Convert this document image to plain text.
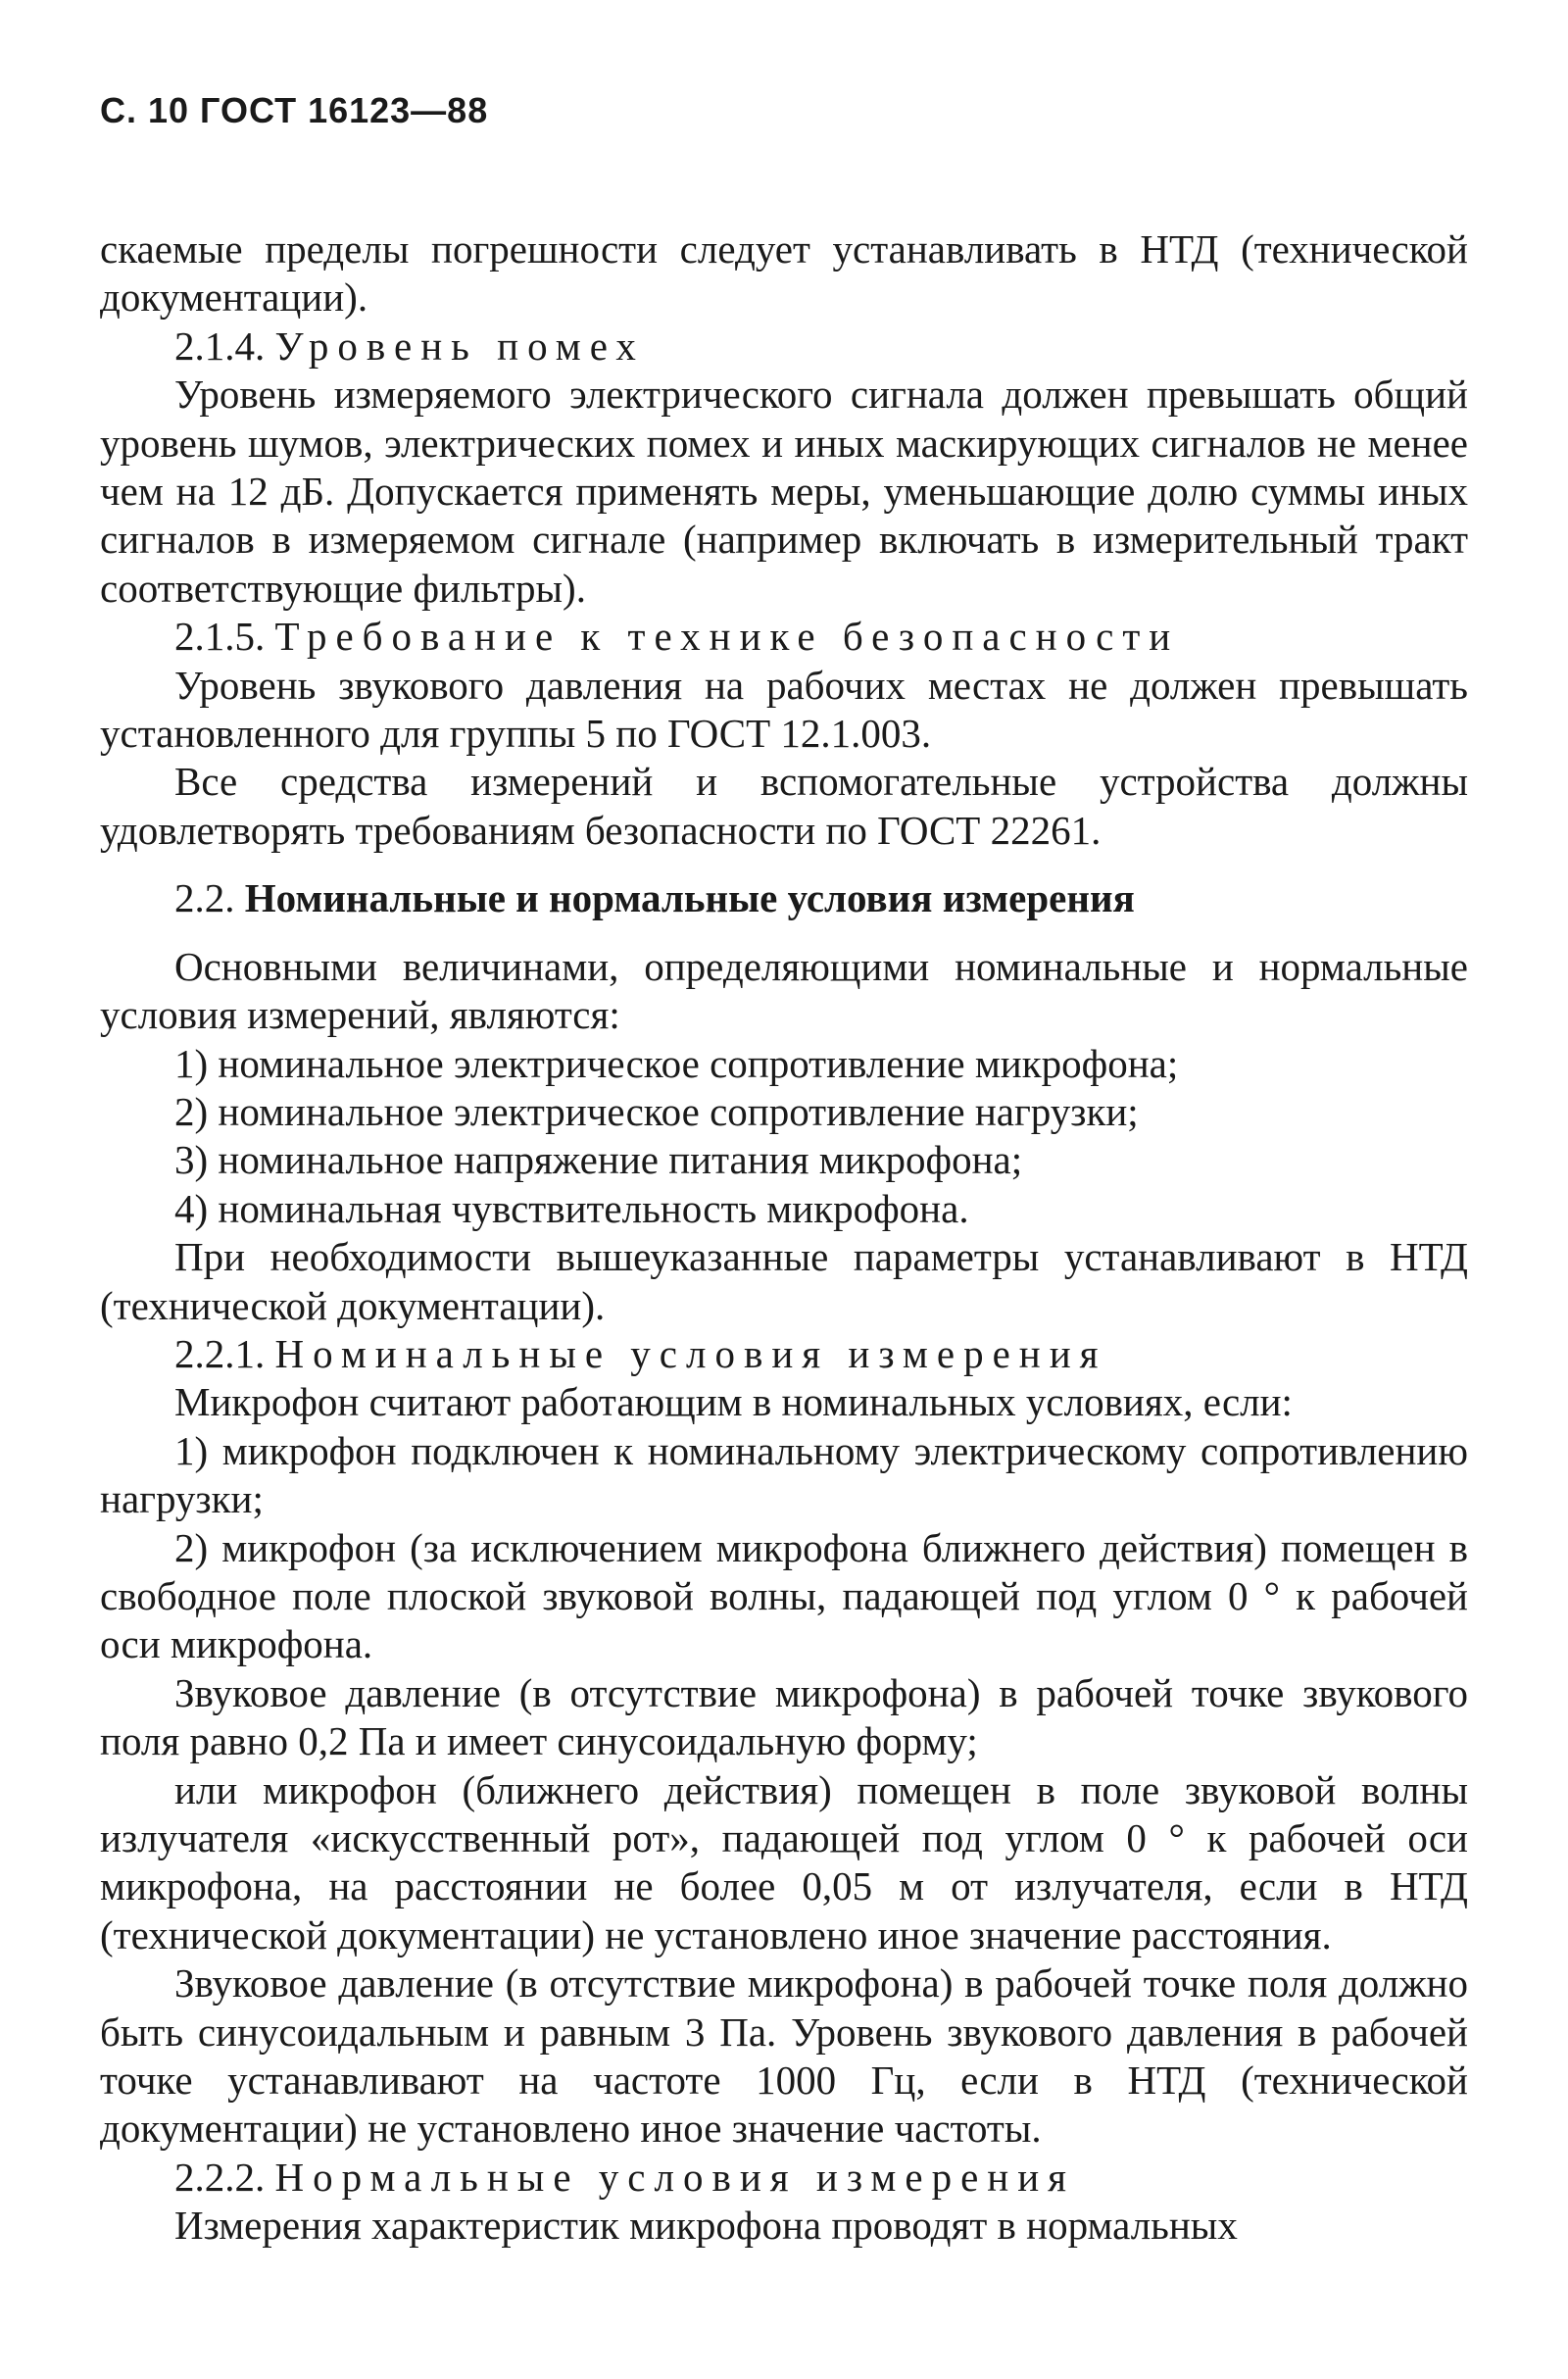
С. 10 ГОСТ 16123—88

скаемые пределы погрешности следует устанавливать в НТД (технической документации).

2.1.4. Уровень помех

Уровень измеряемого электрического сигнала должен превышать общий уровень шумов, электрических помех и иных маскирующих сигналов не менее чем на 12 дБ. Допускается применять меры, уменьшающие долю суммы иных сигналов в измеряемом сигнале (например включать в измерительный тракт соответствующие фильтры).

2.1.5. Требование к технике безопасности

Уровень звукового давления на рабочих местах не должен превышать установленного для группы 5 по ГОСТ 12.1.003.

Все средства измерений и вспомогательные устройства должны удовлетворять требованиям безопасности по ГОСТ 22261.

2.2. Номинальные и нормальные условия измерения

Основными величинами, определяющими номинальные и нормальные условия измерений, являются:

1) номинальное электрическое сопротивление микрофона;

2) номинальное электрическое сопротивление нагрузки;

3) номинальное напряжение питания микрофона;

4) номинальная чувствительность микрофона.

При необходимости вышеуказанные параметры устанавливают в НТД (технической документации).

2.2.1. Номинальные условия измерения

Микрофон считают работающим в номинальных условиях, если:

1) микрофон подключен к номинальному электрическому сопротивлению нагрузки;

2) микрофон (за исключением микрофона ближнего действия) помещен в свободное поле плоской звуковой волны, падающей под углом 0 ° к рабочей оси микрофона.

Звуковое давление (в отсутствие микрофона) в рабочей точке звукового поля равно 0,2 Па и имеет синусоидальную форму;

или микрофон (ближнего действия) помещен в поле звуковой волны излучателя «искусственный рот», падающей под углом 0 ° к рабочей оси микрофона, на расстоянии не более 0,05 м от излучателя, если в НТД (технической документации) не установлено иное значение расстояния.

Звуковое давление (в отсутствие микрофона) в рабочей точке поля должно быть синусоидальным и равным 3 Па. Уровень звукового давления в рабочей точке устанавливают на частоте 1000 Гц, если в НТД (технической документации) не установлено иное значение частоты.

2.2.2. Нормальные условия измерения

Измерения характеристик микрофона проводят в нормальных
